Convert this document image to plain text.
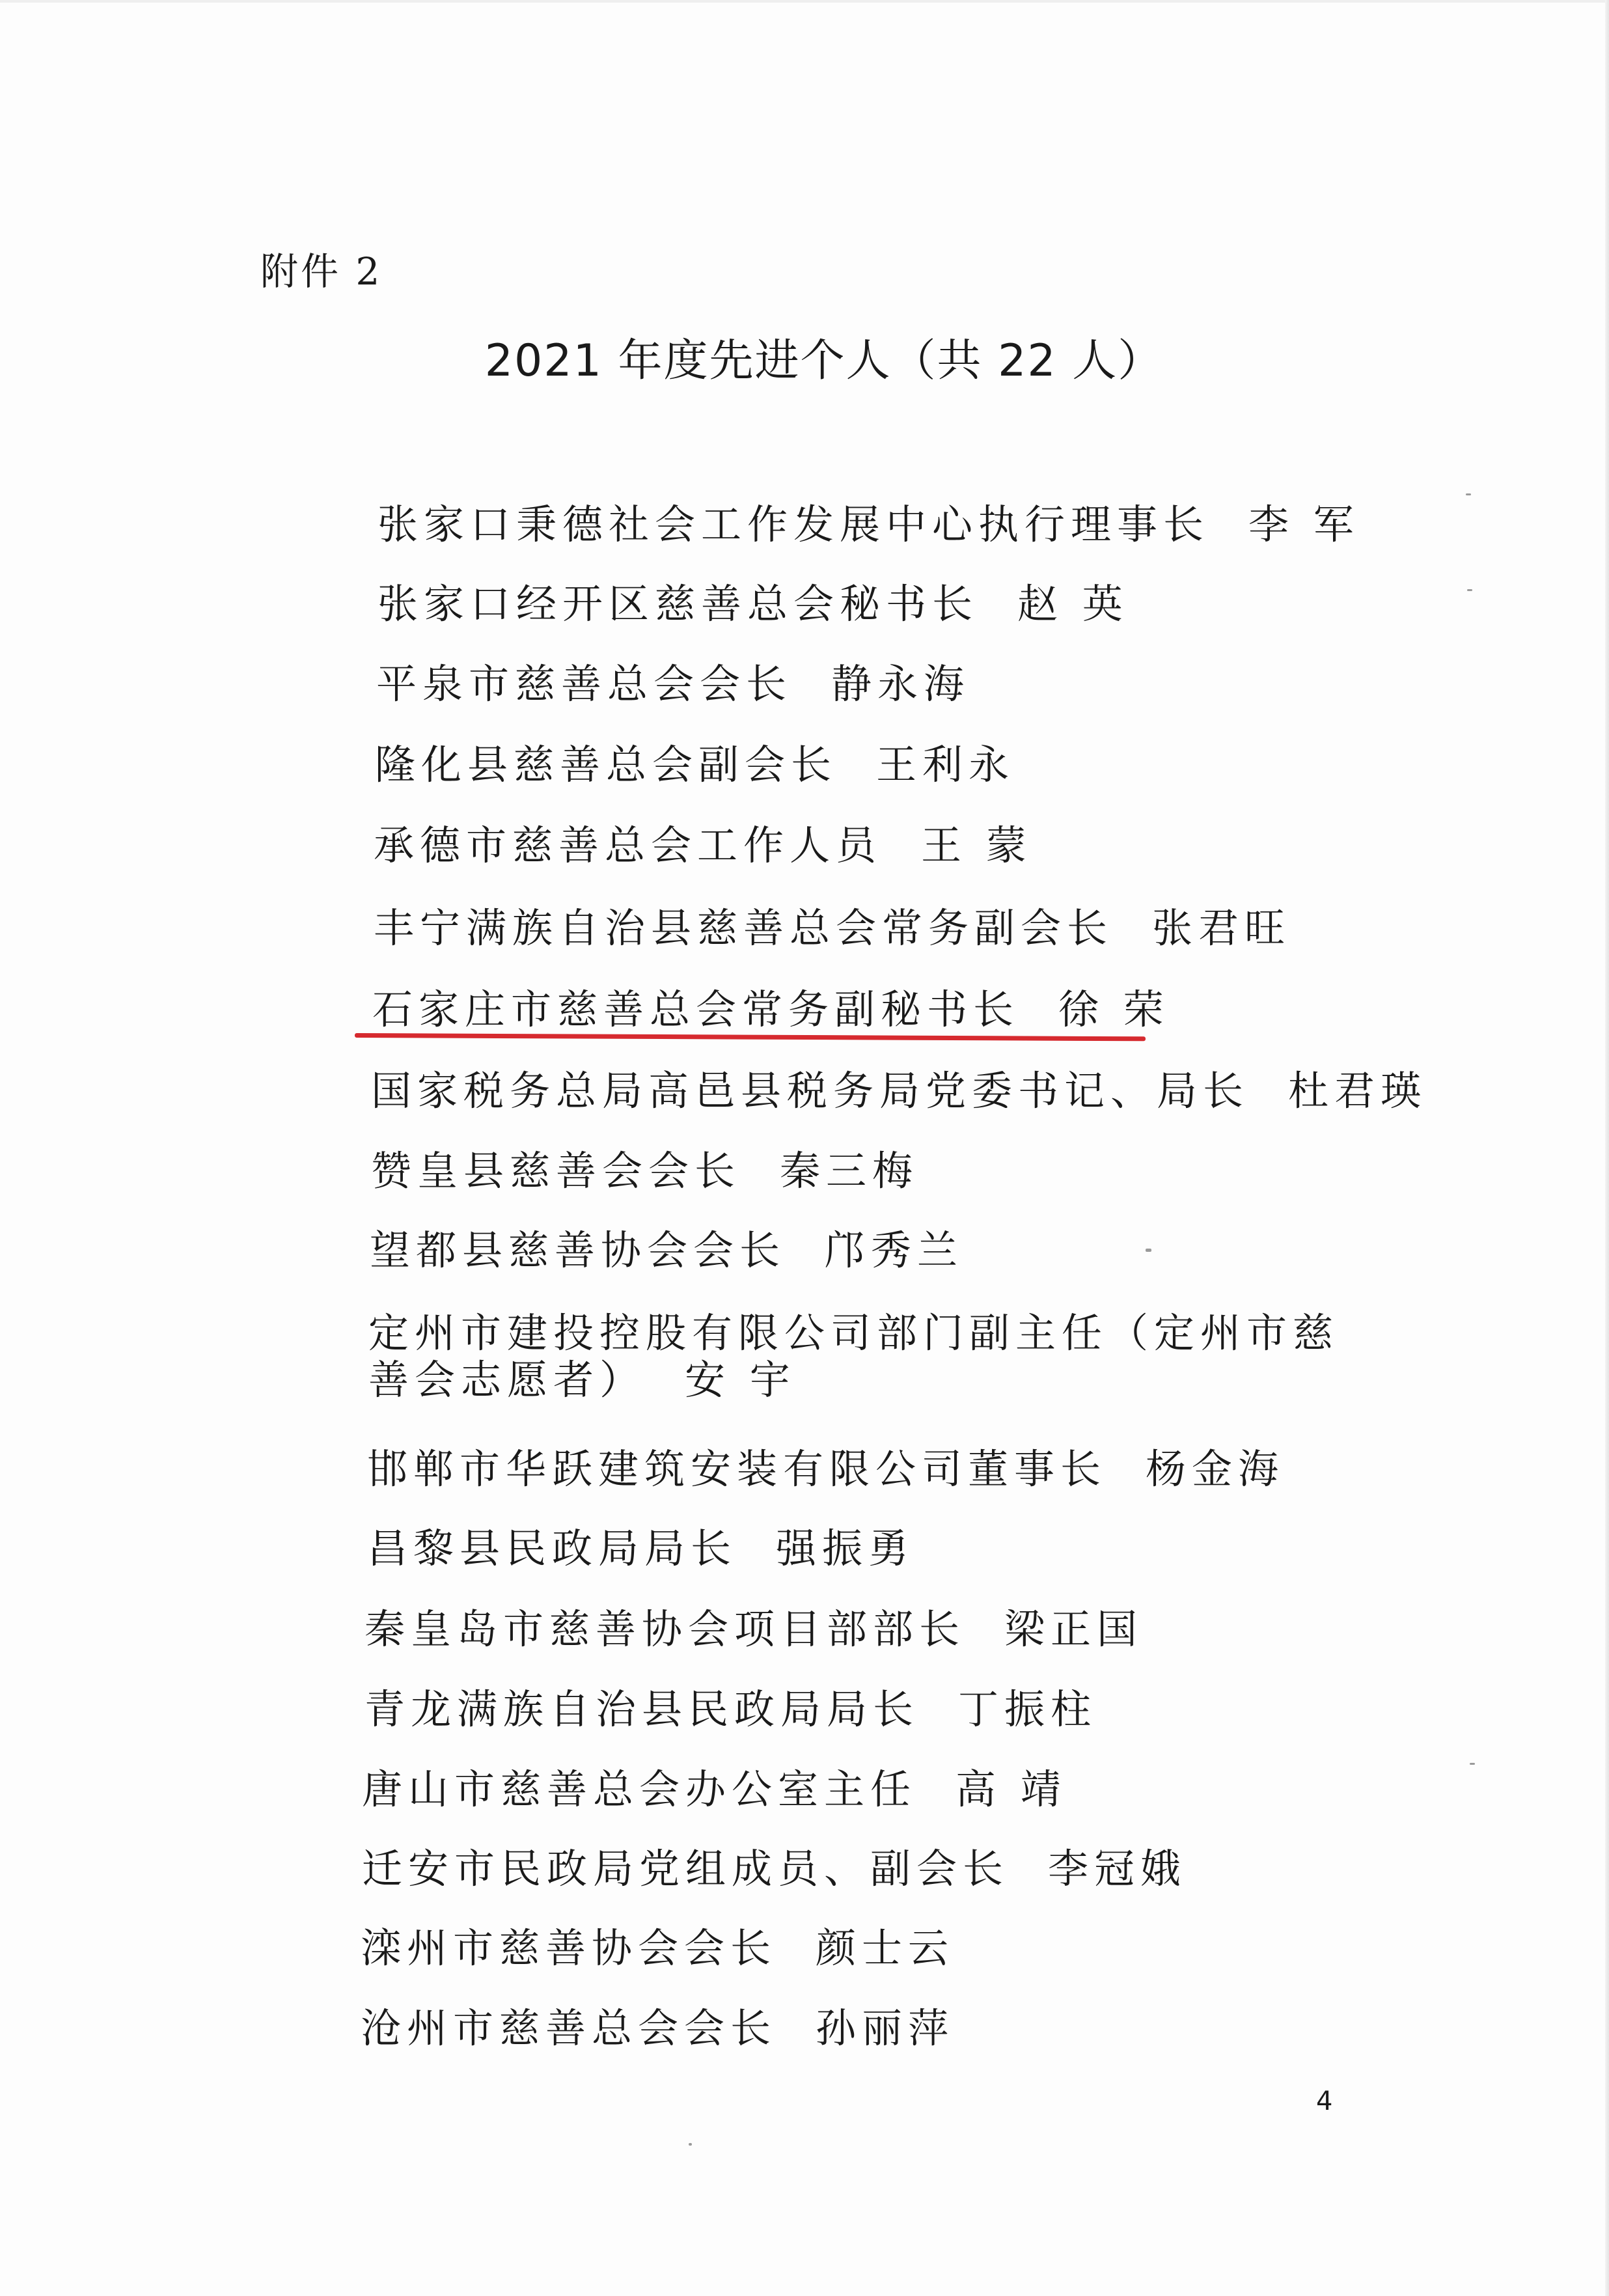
附件 2
2021 年度先进个人（共 22 人）
张家口秉德社会工作发展中心执行理事长 李 军
张家口经开区慈善总会秘书长 赵 英
平泉市慈善总会会长 静永海
隆化县慈善总会副会长 王利永
承德市慈善总会工作人员 王 蒙
丰宁满族自治县慈善总会常务副会长 张君旺
石家庄市慈善总会常务副秘书长 徐 荣
国家税务总局高邑县税务局党委书记、局长 杜君瑛
赞皇县慈善会会长 秦三梅
望都县慈善协会会长 邝秀兰
定州市建投控股有限公司部门副主任（定州市慈善会志愿者） 安 宇
邯郸市华跃建筑安装有限公司董事长 杨金海
昌黎县民政局局长 强振勇
秦皇岛市慈善协会项目部部长 梁正国
青龙满族自治县民政局局长 丁振柱
唐山市慈善总会办公室主任 高 靖
迁安市民政局党组成员、副会长 李冠娥
滦州市慈善协会会长 颜士云
沧州市慈善总会会长 孙丽萍
4
